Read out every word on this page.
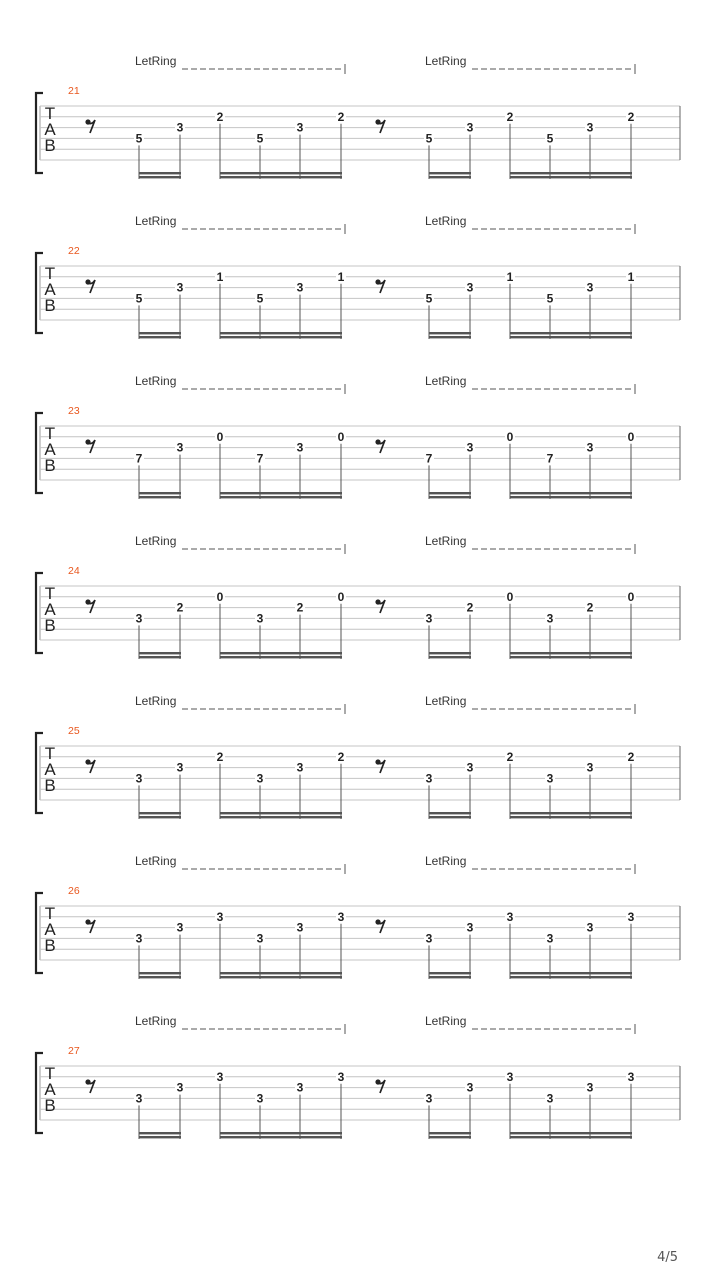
21
T
A
B
LetRing
5
3
2
5
3
2
LetRing
5
3
2
5
3
2
22
T
A
B
LetRing
5
3
1
5
3
1
LetRing
5
3
1
5
3
1
23
T
A
B
LetRing
7
3
0
7
3
0
LetRing
7
3
0
7
3
0
24
T
A
B
LetRing
3
2
0
3
2
0
LetRing
3
2
0
3
2
0
25
T
A
B
LetRing
3
3
2
3
3
2
LetRing
3
3
2
3
3
2
26
T
A
B
LetRing
3
3
3
3
3
3
LetRing
3
3
3
3
3
3
27
T
A
B
LetRing
3
3
3
3
3
3
LetRing
3
3
3
3
3
3
4/5
